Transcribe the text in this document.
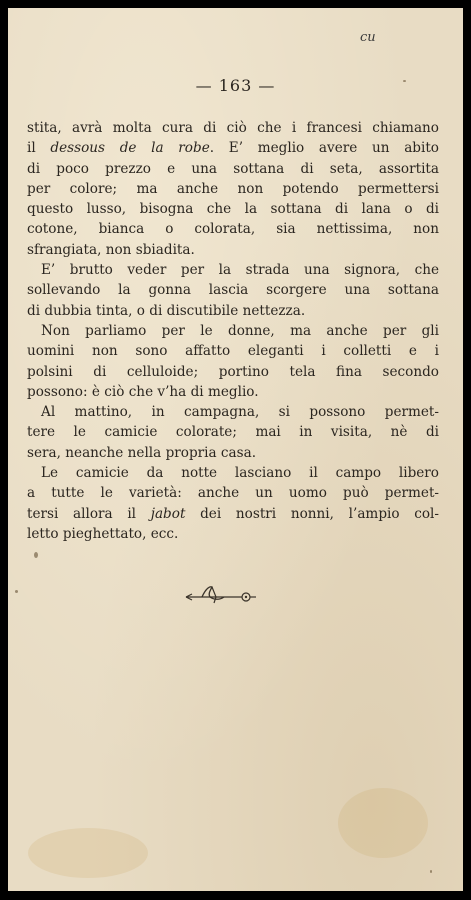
cu
— 163 —
stita, avrà molta cura di ciò che i francesi chiamano
il dessous de la robe. E’ meglio avere un abito
di poco prezzo e una sottana di seta, assortita
per colore; ma anche non potendo permettersi
questo lusso, bisogna che la sottana di lana o di
cotone, bianca o colorata, sia nettissima, non
sfrangiata, non sbiadita.
E’ brutto veder per la strada una signora, che
sollevando la gonna lascia scorgere una sottana
di dubbia tinta, o di discutibile nettezza.
Non parliamo per le donne, ma anche per gli
uomini non sono affatto eleganti i colletti e i
polsini di celluloide; portino tela fina secondo
possono: è ciò che v’ha di meglio.
Al mattino, in campagna, si possono permet-
tere le camicie colorate; mai in visita, nè di
sera, neanche nella propria casa.
Le camicie da notte lasciano il campo libero
a tutte le varietà: anche un uomo può permet-
tersi allora il jabot dei nostri nonni, l’ampio col-
letto pieghettato, ecc.
